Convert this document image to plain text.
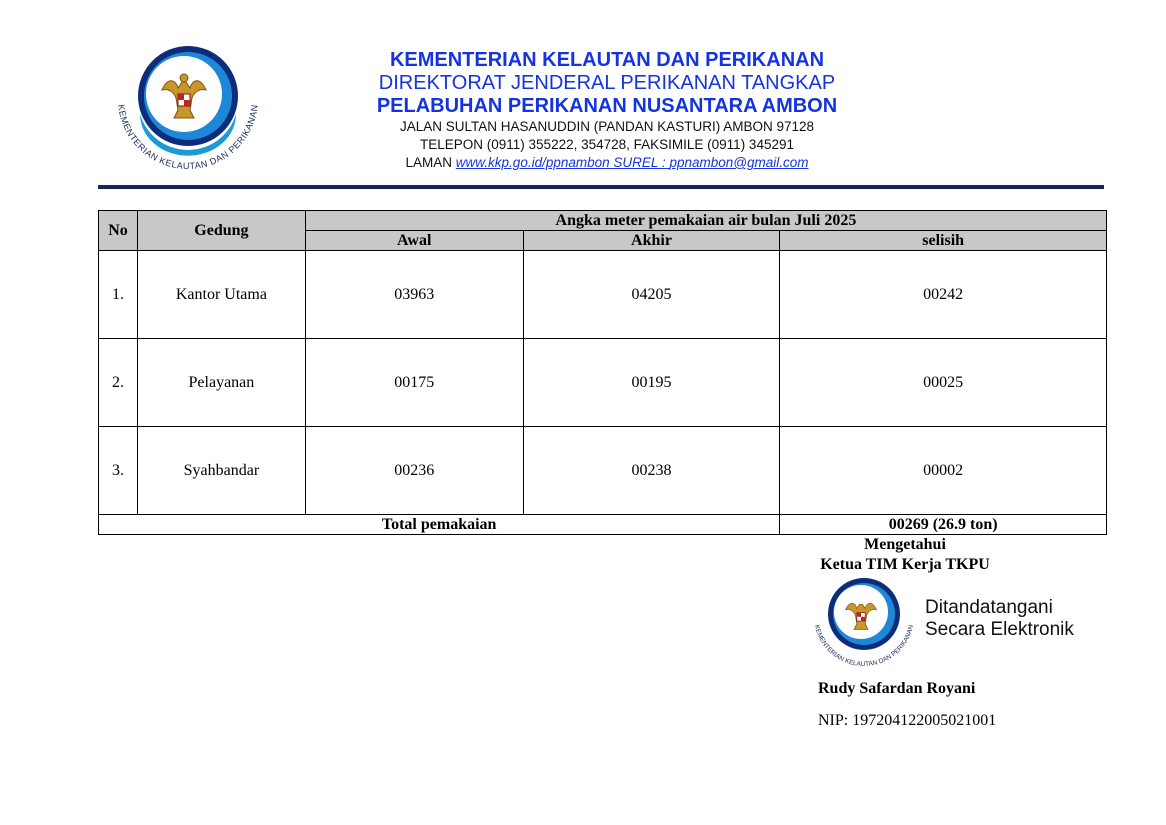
KEMENTERIAN KELAUTAN DAN PERIKANAN
KEMENTERIAN KELAUTAN DAN PERIKANAN
DIREKTORAT JENDERAL PERIKANAN TANGKAP
PELABUHAN PERIKANAN NUSANTARA AMBON
JALAN SULTAN HASANUDDIN (PANDAN KASTURI) AMBON 97128
TELEPON (0911) 355222, 354728, FAKSIMILE (0911) 345291
LAMAN www.kkp.go.id/ppnambon SUREL : ppnambon@gmail.com
No	Gedung	Angka meter pemakaian air bulan Juli 2025		
		Awal	Akhir	selisih
1.	Kantor Utama	03963	04205	00242
2.	Pelayanan	00175	00195	00025
3.	Syahbandar	00236	00238	00002
Total pemakaian				00269 (26.9 ton)
Mengetahui
Ketua TIM Kerja TKPU
KEMENTERIAN KELAUTAN DAN PERIKANAN
Ditandatangani
Secara Elektronik
Rudy Safardan Royani
NIP: 197204122005021001
